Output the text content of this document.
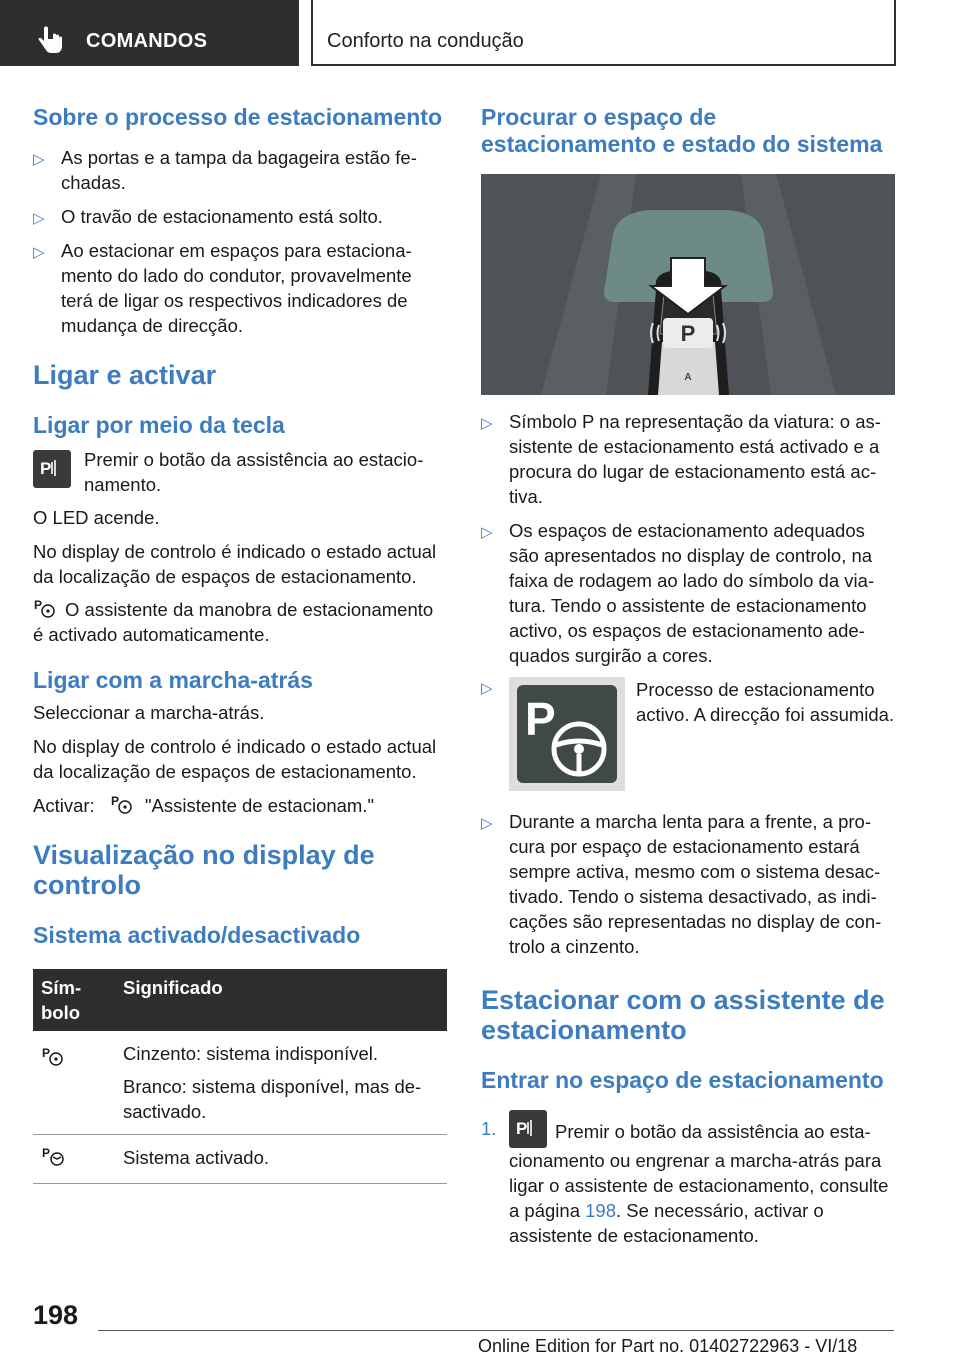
COMANDOS	Conforto na condução
Sobre o processo de estacionamento
▷ As portas e a tampa da bagageira estão fechadas.
▷ O travão de estacionamento está solto.
▷ Ao estacionar em espaços para estacionamento do lado do condutor, provavelmente terá de ligar os respectivos indicadores de mudança de direcção.
Ligar e activar
Ligar por meio da tecla
P Premir o botão da assistência ao estacionamento.

O LED acende.

No display de controlo é indicado o estado actual da localização de espaços de estacionamento.

P O assistente da manobra de estacionamento é activado automaticamente.

Ligar com a marcha-atrás

Seleccionar a marcha-atrás.

No display de controlo é indicado o estado actual da localização de espaços de estacionamento.

Activar: P "Assistente de estacionam."

Visualização no display de controlo
Sistema activado/desactivado
Símbolo	Significado

P	Cinzento: sistema indisponível.
Branco: sistema disponível, mas desactivado.

P	Sistema activado.
Procurar o espaço de estacionamento e estado do sistema
P
A
▷ Símbolo P na representação da viatura: o assistente de estacionamento está activado e a procura do lugar de estacionamento está activa.
▷ Os espaços de estacionamento adequados são apresentados no display de controlo, na faixa de rodagem ao lado do símbolo da viatura. Tendo o assistente de estacionamento activo, os espaços de estacionamento adequados surgirão a cores.
▷
P

Processo de estacionamento activo. A direcção foi assumida.

▷ Durante a marcha lenta para a frente, a procura por espaço de estacionamento estará sempre activa, mesmo com o sistema desactivado. Tendo o sistema desactivado, as indicações são representadas no display de controlo a cinzento.
Estacionar com o assistente de estacionamento
Entrar no espaço de estacionamento
1. P Premir o botão da assistência ao estacionamento ou engrenar a marcha-atrás para ligar o assistente de estacionamento, consulte a página 198. Se necessário, activar o assistente de estacionamento.

198
Online Edition for Part no. 01402722963 - VI/18
